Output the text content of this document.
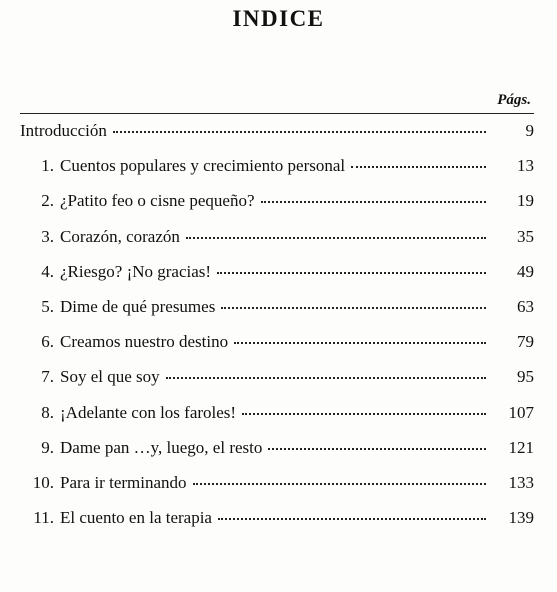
INDICE
Págs.
Introducción	9
1. Cuentos populares y crecimiento personal	13
2. ¿Patito feo o cisne pequeño?	19
3. Corazón, corazón	35
4. ¿Riesgo? ¡No gracias!	49
5. Dime de qué presumes	63
6. Creamos nuestro destino	79
7. Soy el que soy	95
8. ¡Adelante con los faroles!	107
9. Dame pan …y, luego, el resto	121
10. Para ir terminando	133
11. El cuento en la terapia	139
